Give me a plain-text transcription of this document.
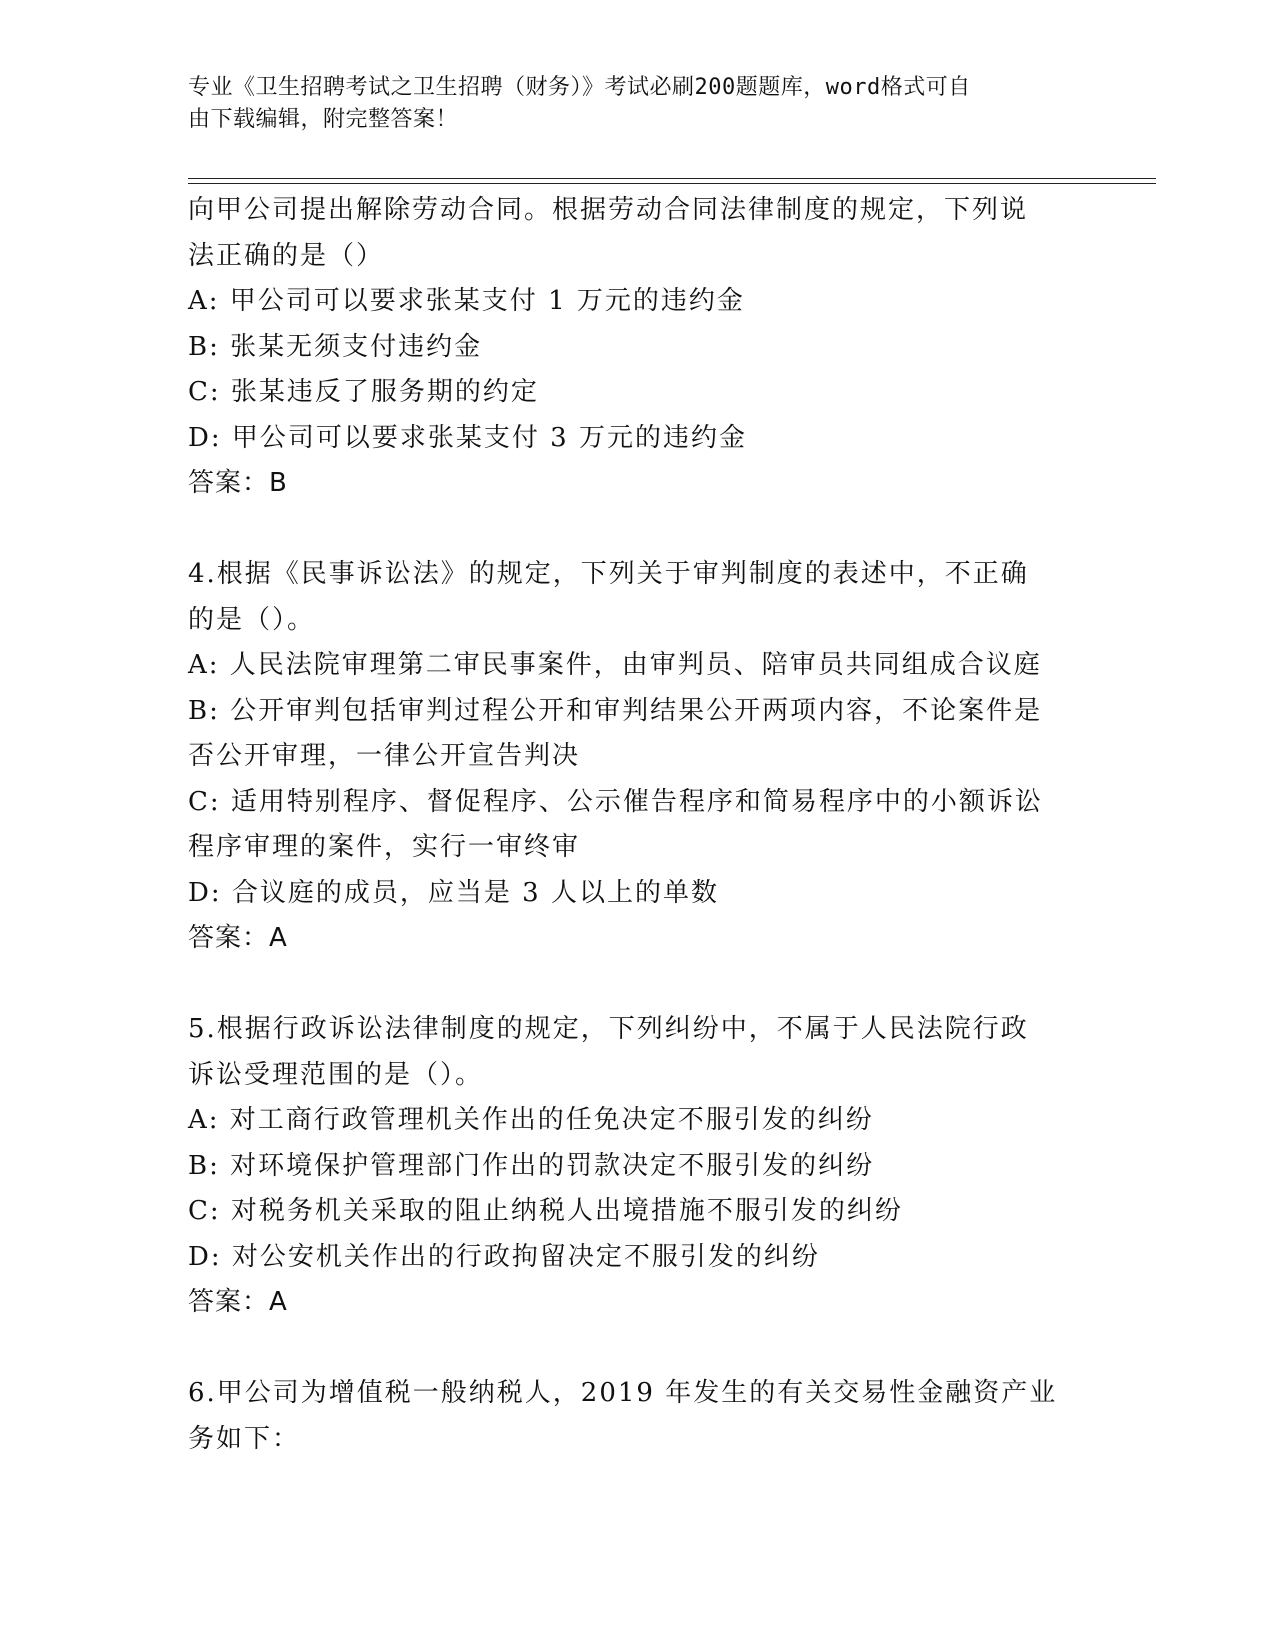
专业《卫生招聘考试之卫生招聘（财务）》考试必刷200题题库，word格式可自
由下载编辑，附完整答案！

向甲公司提出解除劳动合同。根据劳动合同法律制度的规定，下列说

法正确的是（）

A: 甲公司可以要求张某支付 1 万元的违约金

B: 张某无须支付违约金

C: 张某违反了服务期的约定

D: 甲公司可以要求张某支付 3 万元的违约金

答案：B

4.根据《民事诉讼法》的规定，下列关于审判制度的表述中，不正确

的是（）。

A: 人民法院审理第二审民事案件，由审判员、陪审员共同组成合议庭

B: 公开审判包括审判过程公开和审判结果公开两项内容，不论案件是

否公开审理，一律公开宣告判决

C: 适用特别程序、督促程序、公示催告程序和简易程序中的小额诉讼

程序审理的案件，实行一审终审

D: 合议庭的成员，应当是 3 人以上的单数

答案：A

5.根据行政诉讼法律制度的规定，下列纠纷中，不属于人民法院行政

诉讼受理范围的是（）。

A: 对工商行政管理机关作出的任免决定不服引发的纠纷

B: 对环境保护管理部门作出的罚款决定不服引发的纠纷

C: 对税务机关采取的阻止纳税人出境措施不服引发的纠纷

D: 对公安机关作出的行政拘留决定不服引发的纠纷

答案：A

6.甲公司为增值税一般纳税人，2019 年发生的有关交易性金融资产业

务如下：
